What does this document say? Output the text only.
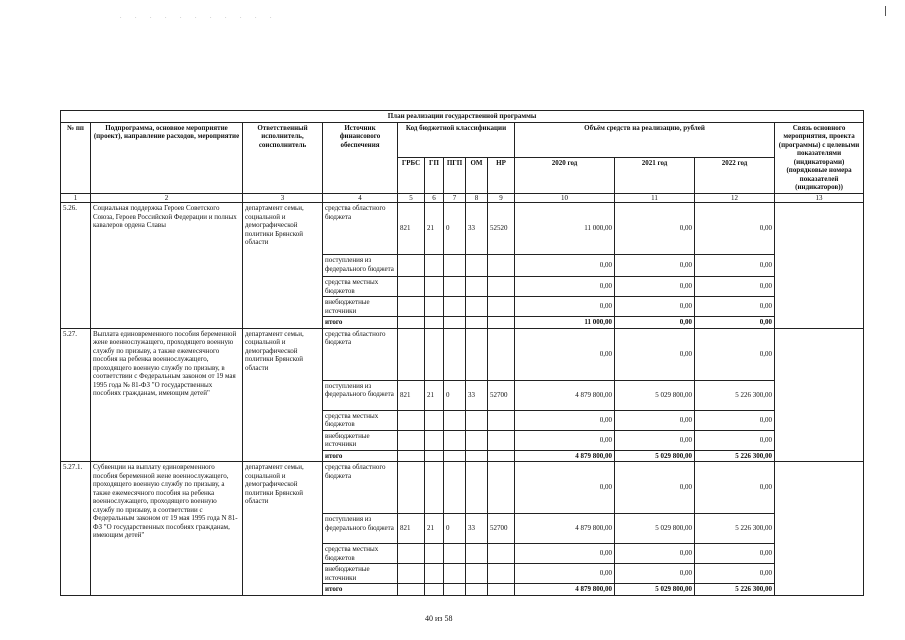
. . . . . . . . . . .
План реализации государственной программы												
№ пп	Подпрограмма, основное мероприятие (проект), направление расходов, мероприятие	Ответственный исполнитель, соисполнитель	Источник финансового обеспечения	Код бюджетной классификации					Объём средств на реализацию, рублей			Связь основного мероприятия, проекта (программы) с целевыми показателями (индикаторами) (порядковые номера показателей (индикаторов))
				ГРБС	ГП	ПГП	ОМ	НР	2020 год	2021 год	2022 год	
1	2	3	4	5	6	7	8	9	10	11	12	13
5.26.	Социальная поддержка Героев Советского Союза, Героев Российской Федерации и полных кавалеров ордена Славы	департамент семьи, социальной и демографической политики Брянской области	средства областного бюджета	821	21	0	33	52520	11 000,00	0,00	0,00	
			поступления из федерального бюджета						0,00	0,00	0,00	
			средства местных бюджетов						0,00	0,00	0,00	
			внебюджетные источники						0,00	0,00	0,00	
			итого						11 000,00	0,00	0,00	
5.27.	Выплата единовременного пособия беременной жене военнослужащего, проходящего военную службу по призыву, а также ежемесячного пособия на ребенка военнослужащего, проходящего военную службу по призыву, в соответствии с Федеральным законом от 19 мая 1995 года № 81-ФЗ "О государственных пособиях гражданам, имеющим детей"	департамент семьи, социальной и демографической политики Брянской области	средства областного бюджета						0,00	0,00	0,00	
			поступления из федерального бюджета	821	21	0	33	52700	4 879 800,00	5 029 800,00	5 226 300,00	
			средства местных бюджетов						0,00	0,00	0,00	
			внебюджетные источники						0,00	0,00	0,00	
			итого						4 879 800,00	5 029 800,00	5 226 300,00	
5.27.1.	Субвенции на выплату единовременного пособия беременной жене военнослужащего, проходящего военную службу по призыву, а также ежемесячного пособия на ребенка военнослужащего, проходящего военную службу по призыву, в соответствии с Федеральным законом от 19 мая 1995 года N 81-ФЗ "О государственных пособиях гражданам, имеющим детей"	департамент семьи, социальной и демографической политики Брянской области	средства областного бюджета						0,00	0,00	0,00	
			поступления из федерального бюджета	821	21	0	33	52700	4 879 800,00	5 029 800,00	5 226 300,00	
			средства местных бюджетов						0,00	0,00	0,00	
			внебюджетные источники						0,00	0,00	0,00	
			итого						4 879 800,00	5 029 800,00	5 226 300,00	
40 из 58
